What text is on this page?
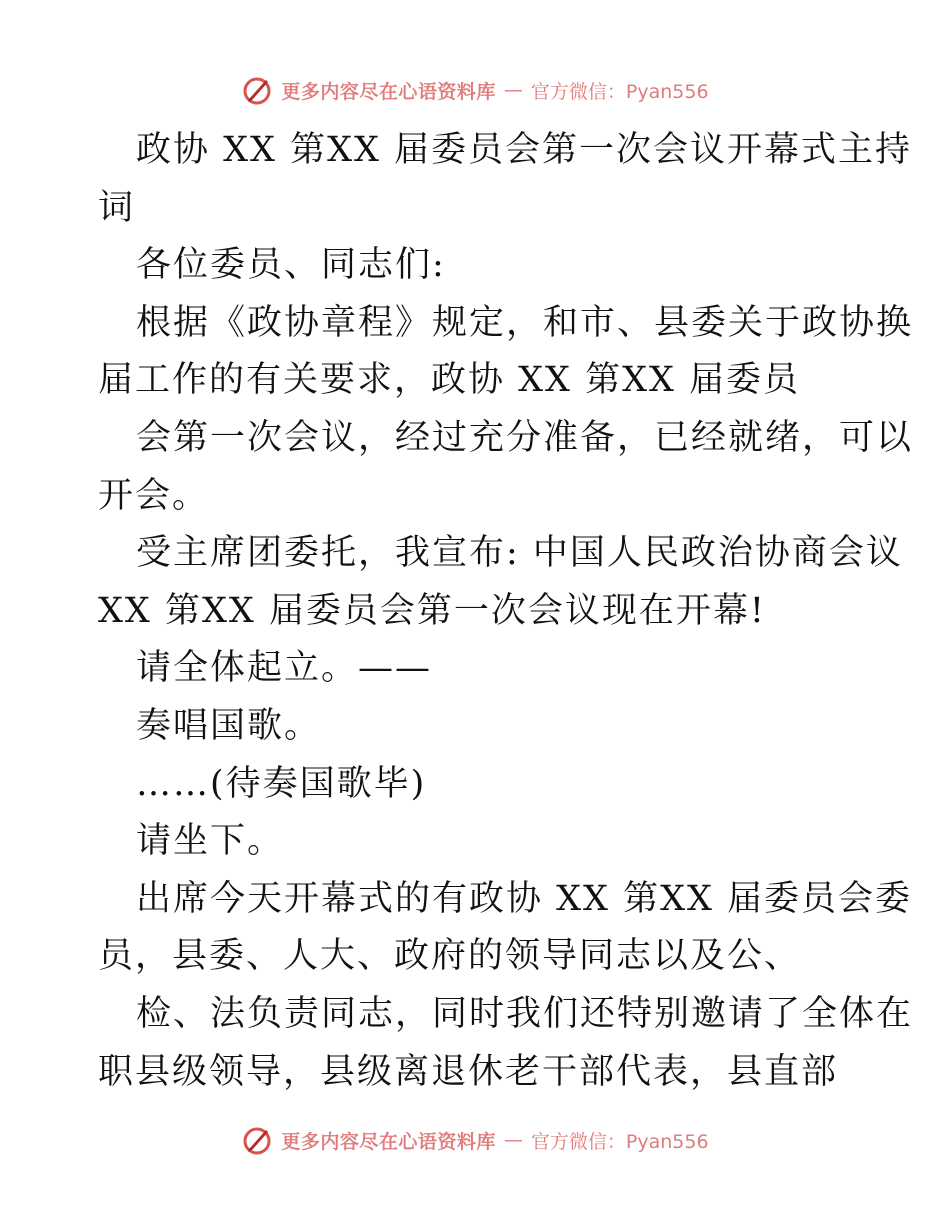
更多内容尽在心语资料库 — 官方微信：Pyan556
政协 XX 第XX 届委员会第一次会议开幕式主持
词
各位委员、同志们:
根据《政协章程》规定，和市、县委关于政协换
届工作的有关要求，政协 XX 第XX 届委员
会第一次会议，经过充分准备，已经就绪，可以
开会。
受主席团委托，我宣布: 中国人民政治协商会议
XX 第XX 届委员会第一次会议现在开幕!
请全体起立。——
奏唱国歌。
……(待奏国歌毕)
请坐下。
出席今天开幕式的有政协 XX 第XX 届委员会委
员，县委、人大、政府的领导同志以及公、
检、法负责同志，同时我们还特别邀请了全体在
职县级领导，县级离退休老干部代表，县直部
更多内容尽在心语资料库 — 官方微信：Pyan556
